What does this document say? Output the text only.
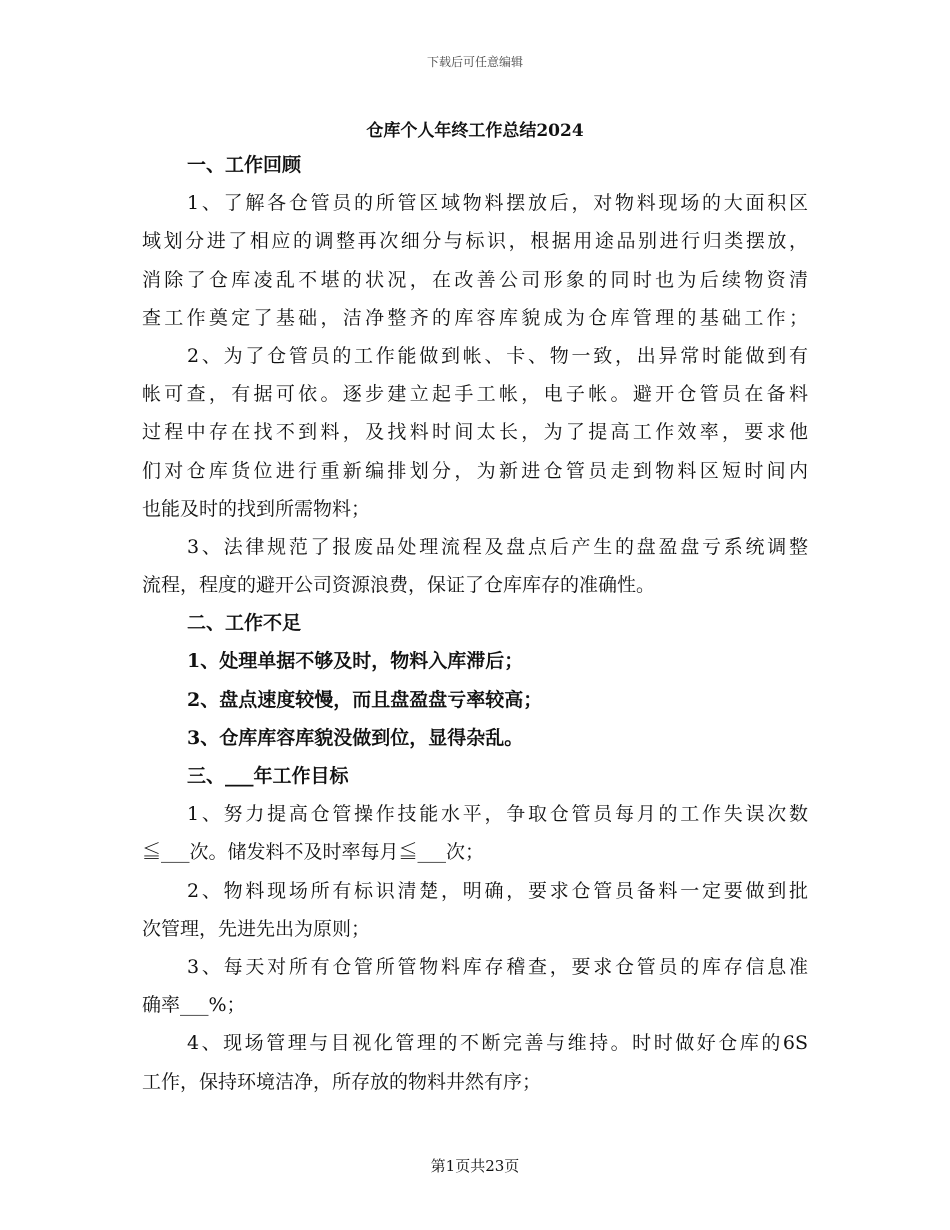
下载后可任意编辑
仓库个人年终工作总结2024

一、工作回顾

1、了解各仓管员的所管区域物料摆放后，对物料现场的大面积区

域划分进了相应的调整再次细分与标识，根据用途品别进行归类摆放，

消除了仓库凌乱不堪的状况，在改善公司形象的同时也为后续物资清

查工作奠定了基础，洁净整齐的库容库貌成为仓库管理的基础工作；

2、为了仓管员的工作能做到帐、卡、物一致，出异常时能做到有

帐可查，有据可依。逐步建立起手工帐，电子帐。避开仓管员在备料

过程中存在找不到料，及找料时间太长，为了提高工作效率，要求他

们对仓库货位进行重新编排划分，为新进仓管员走到物料区短时间内

也能及时的找到所需物料；

3、法律规范了报废品处理流程及盘点后产生的盘盈盘亏系统调整

流程，程度的避开公司资源浪费，保证了仓库库存的准确性。

二、工作不足

1、处理单据不够及时，物料入库滞后；

2、盘点速度较慢，而且盘盈盘亏率较高；

3、仓库库容库貌没做到位，显得杂乱。

三、___年工作目标

1、努力提高仓管操作技能水平，争取仓管员每月的工作失误次数

≦___次。储发料不及时率每月≦___次；

2、物料现场所有标识清楚，明确，要求仓管员备料一定要做到批

次管理，先进先出为原则；

3、每天对所有仓管所管物料库存稽查，要求仓管员的库存信息准

确率___%；

4、现场管理与目视化管理的不断完善与维持。时时做好仓库的6S

工作，保持环境洁净，所存放的物料井然有序；

第1页共23页
